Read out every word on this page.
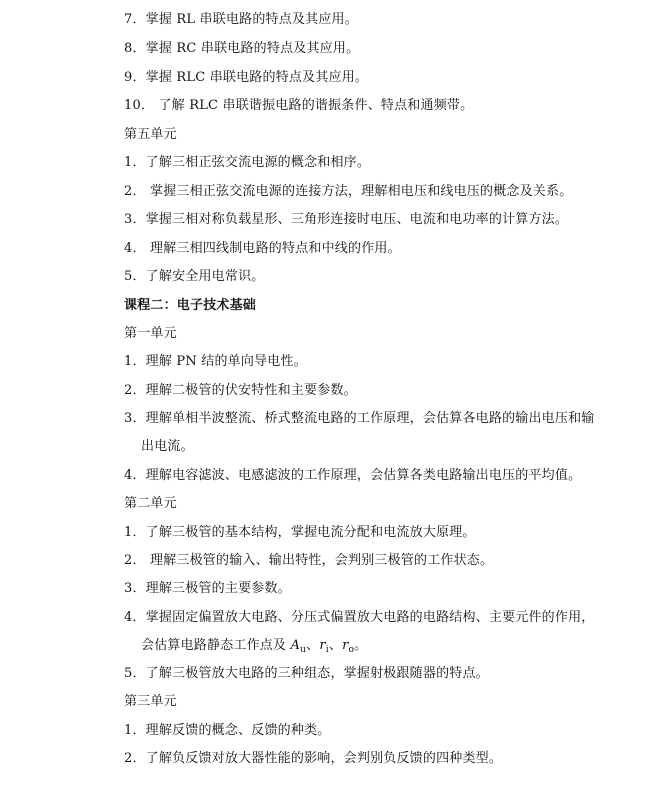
7．掌握 RL 串联电路的特点及其应用。
8．掌握 RC 串联电路的特点及其应用。
9．掌握 RLC 串联电路的特点及其应用。
10． 了解 RLC 串联谐振电路的谐振条件、特点和通频带。
第五单元
1．了解三相正弦交流电源的概念和相序。
2． 掌握三相正弦交流电源的连接方法，理解相电压和线电压的概念及关系。
3．掌握三相对称负载星形、三角形连接时电压、电流和电功率的计算方法。
4． 理解三相四线制电路的特点和中线的作用。
5．了解安全用电常识。
课程二：电子技术基础
第一单元
1．理解 PN 结的单向导电性。
2．理解二极管的伏安特性和主要参数。
3．理解单相半波整流、桥式整流电路的工作原理，会估算各电路的输出电压和输
出电流。
4．理解电容滤波、电感滤波的工作原理，会估算各类电路输出电压的平均值。
第二单元
1．了解三极管的基本结构，掌握电流分配和电流放大原理。
2． 理解三极管的输入、输出特性，会判别三极管的工作状态。
3．理解三极管的主要参数。
4．掌握固定偏置放大电路、分压式偏置放大电路的电路结构、主要元件的作用，
会估算电路静态工作点及 $A_u$、$r_i$、$r_o$。
5．了解三极管放大电路的三种组态，掌握射极跟随器的特点。
第三单元
1．理解反馈的概念、反馈的种类。
2．了解负反馈对放大器性能的影响，会判别负反馈的四种类型。
